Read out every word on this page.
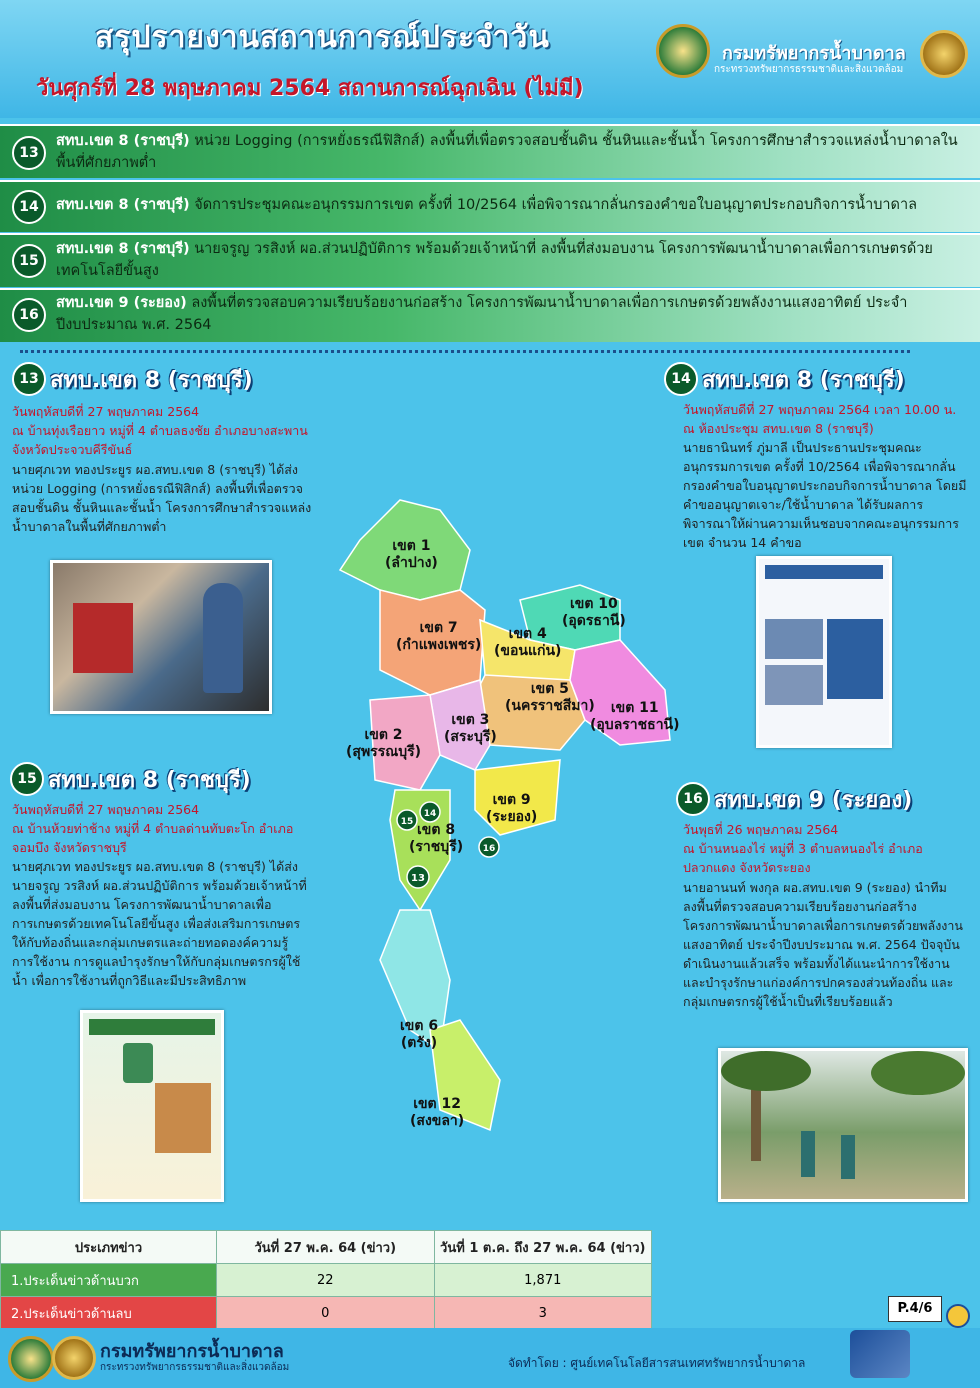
สรุปรายงานสถานการณ์ประจำวัน
วันศุกร์ที่ 28 พฤษภาคม 2564 สถานการณ์ฉุกเฉิน (ไม่มี)
กรมทรัพยากรน้ำบาดาล
กระทรวงทรัพยากรธรรมชาติและสิ่งแวดล้อม
13
สทบ.เขต 8 (ราชบุรี) หน่วย Logging (การหยั่งธรณีฟิสิกส์) ลงพื้นที่เพื่อตรวจสอบชั้นดิน ชั้นหินและชั้นน้ำ โครงการศึกษาสำรวจแหล่งน้ำบาดาลในพื้นที่ศักยภาพต่ำ
14	สทบ.เขต 8 (ราชบุรี) จัดการประชุมคณะอนุกรรมการเขต ครั้งที่ 10/2564 เพื่อพิจารณากลั่นกรองคำขอใบอนุญาตประกอบกิจการน้ำบาดาล
15
สทบ.เขต 8 (ราชบุรี) นายจรูญ วรสิงห์ ผอ.ส่วนปฏิบัติการ พร้อมด้วยเจ้าหน้าที่ ลงพื้นที่ส่งมอบงาน โครงการพัฒนาน้ำบาดาลเพื่อการเกษตรด้วยเทคโนโลยีขั้นสูง
16
สทบ.เขต 9 (ระยอง) ลงพื้นที่ตรวจสอบความเรียบร้อยงานก่อสร้าง โครงการพัฒนาน้ำบาดาลเพื่อการเกษตรด้วยพลังงานแสงอาทิตย์ ประจำปีงบประมาณ พ.ศ. 2564
13 สทบ.เขต 8 (ราชบุรี)
วันพฤหัสบดีที่ 27 พฤษภาคม 2564
ณ บ้านทุ่งเรือยาว หมู่ที่ 4 ตำบลธงชัย อำเภอบางสะพาน จังหวัดประจวบคีรีขันธ์
นายศุภเวท ทองประยูร ผอ.สทบ.เขต 8 (ราชบุรี) ได้ส่งหน่วย Logging (การหยั่งธรณีฟิสิกส์) ลงพื้นที่เพื่อตรวจสอบชั้นดิน ชั้นหินและชั้นน้ำ โครงการศึกษาสำรวจแหล่งน้ำบาดาลในพื้นที่ศักยภาพต่ำ
14 สทบ.เขต 8 (ราชบุรี)
วันพฤหัสบดีที่ 27 พฤษภาคม 2564 เวลา 10.00 น.
ณ ห้องประชุม สทบ.เขต 8 (ราชบุรี)
นายธานินทร์ ภู่มาลี เป็นประธานประชุมคณะอนุกรรมการเขต ครั้งที่ 10/2564 เพื่อพิจารณากลั่นกรองคำขอใบอนุญาตประกอบกิจการน้ำบาดาล โดยมีคำขออนุญาตเจาะ/ใช้น้ำบาดาล ได้รับผลการพิจารณาให้ผ่านความเห็นชอบจากคณะอนุกรรมการเขต จำนวน 14 คำขอ
15 สทบ.เขต 8 (ราชบุรี)
วันพฤหัสบดีที่ 27 พฤษภาคม 2564
ณ บ้านห้วยท่าช้าง หมู่ที่ 4 ตำบลด่านทับตะโก อำเภอจอมบึง จังหวัดราชบุรี
นายศุภเวท ทองประยูร ผอ.สทบ.เขต 8 (ราชบุรี) ได้ส่งนายจรูญ วรสิงห์ ผอ.ส่วนปฏิบัติการ พร้อมด้วยเจ้าหน้าที่ ลงพื้นที่ส่งมอบงาน โครงการพัฒนาน้ำบาดาลเพื่อการเกษตรด้วยเทคโนโลยีขั้นสูง เพื่อส่งเสริมการเกษตร ให้กับท้องถิ่นและกลุ่มเกษตรและถ่ายทอดองค์ความรู้การใช้งาน การดูแลบำรุงรักษาให้กับกลุ่มเกษตรกรผู้ใช้น้ำ เพื่อการใช้งานที่ถูกวิธีและมีประสิทธิภาพ
16 สทบ.เขต 9 (ระยอง)
วันพุธที่ 26 พฤษภาคม 2564
ณ บ้านหนองไร่ หมู่ที่ 3 ตำบลหนองไร่ อำเภอปลวกแดง จังหวัดระยอง
นายอานนท์ พงกุล ผอ.สทบ.เขต 9 (ระยอง) นำทีมลงพื้นที่ตรวจสอบความเรียบร้อยงานก่อสร้าง โครงการพัฒนาน้ำบาดาลเพื่อการเกษตรด้วยพลังงานแสงอาทิตย์ ประจำปีงบประมาณ พ.ศ. 2564 ปัจจุบันดำเนินงานแล้วเสร็จ พร้อมทั้งได้แนะนำการใช้งาน และบำรุงรักษาแก่องค์การปกครองส่วนท้องถิ่น และกลุ่มเกษตรกรผู้ใช้น้ำเป็นที่เรียบร้อยแล้ว
13
14
15
16
เขต 1
(ลำปาง)
เขต 7
(กำแพงเพชร)
เขต 4
(ขอนแก่น)
เขต 10
(อุดรธานี)
เขต 5
(นครราชสีมา)	เขต 11
(อุบลราชธานี)
เขต 3
(สระบุรี)
เขต 2
(สุพรรณบุรี)
เขต 9
(ระยอง)
เขต 8
(ราชบุรี)
เขต 6
(ตรัง)
เขต 12
(สงขลา)
ประเภทข่าว	วันที่ 27 พ.ค. 64 (ข่าว)	วันที่ 1 ต.ค. ถึง 27 พ.ค. 64 (ข่าว)
1.ประเด็นข่าวด้านบวก	22	1,871
2.ประเด็นข่าวด้านลบ	0	3	P.4/6
กรมทรัพยากรน้ำบาดาล
กระทรวงทรัพยากรธรรมชาติและสิ่งแวดล้อม	จัดทำโดย : ศูนย์เทคโนโลยีสารสนเทศทรัพยากรน้ำบาดาล
